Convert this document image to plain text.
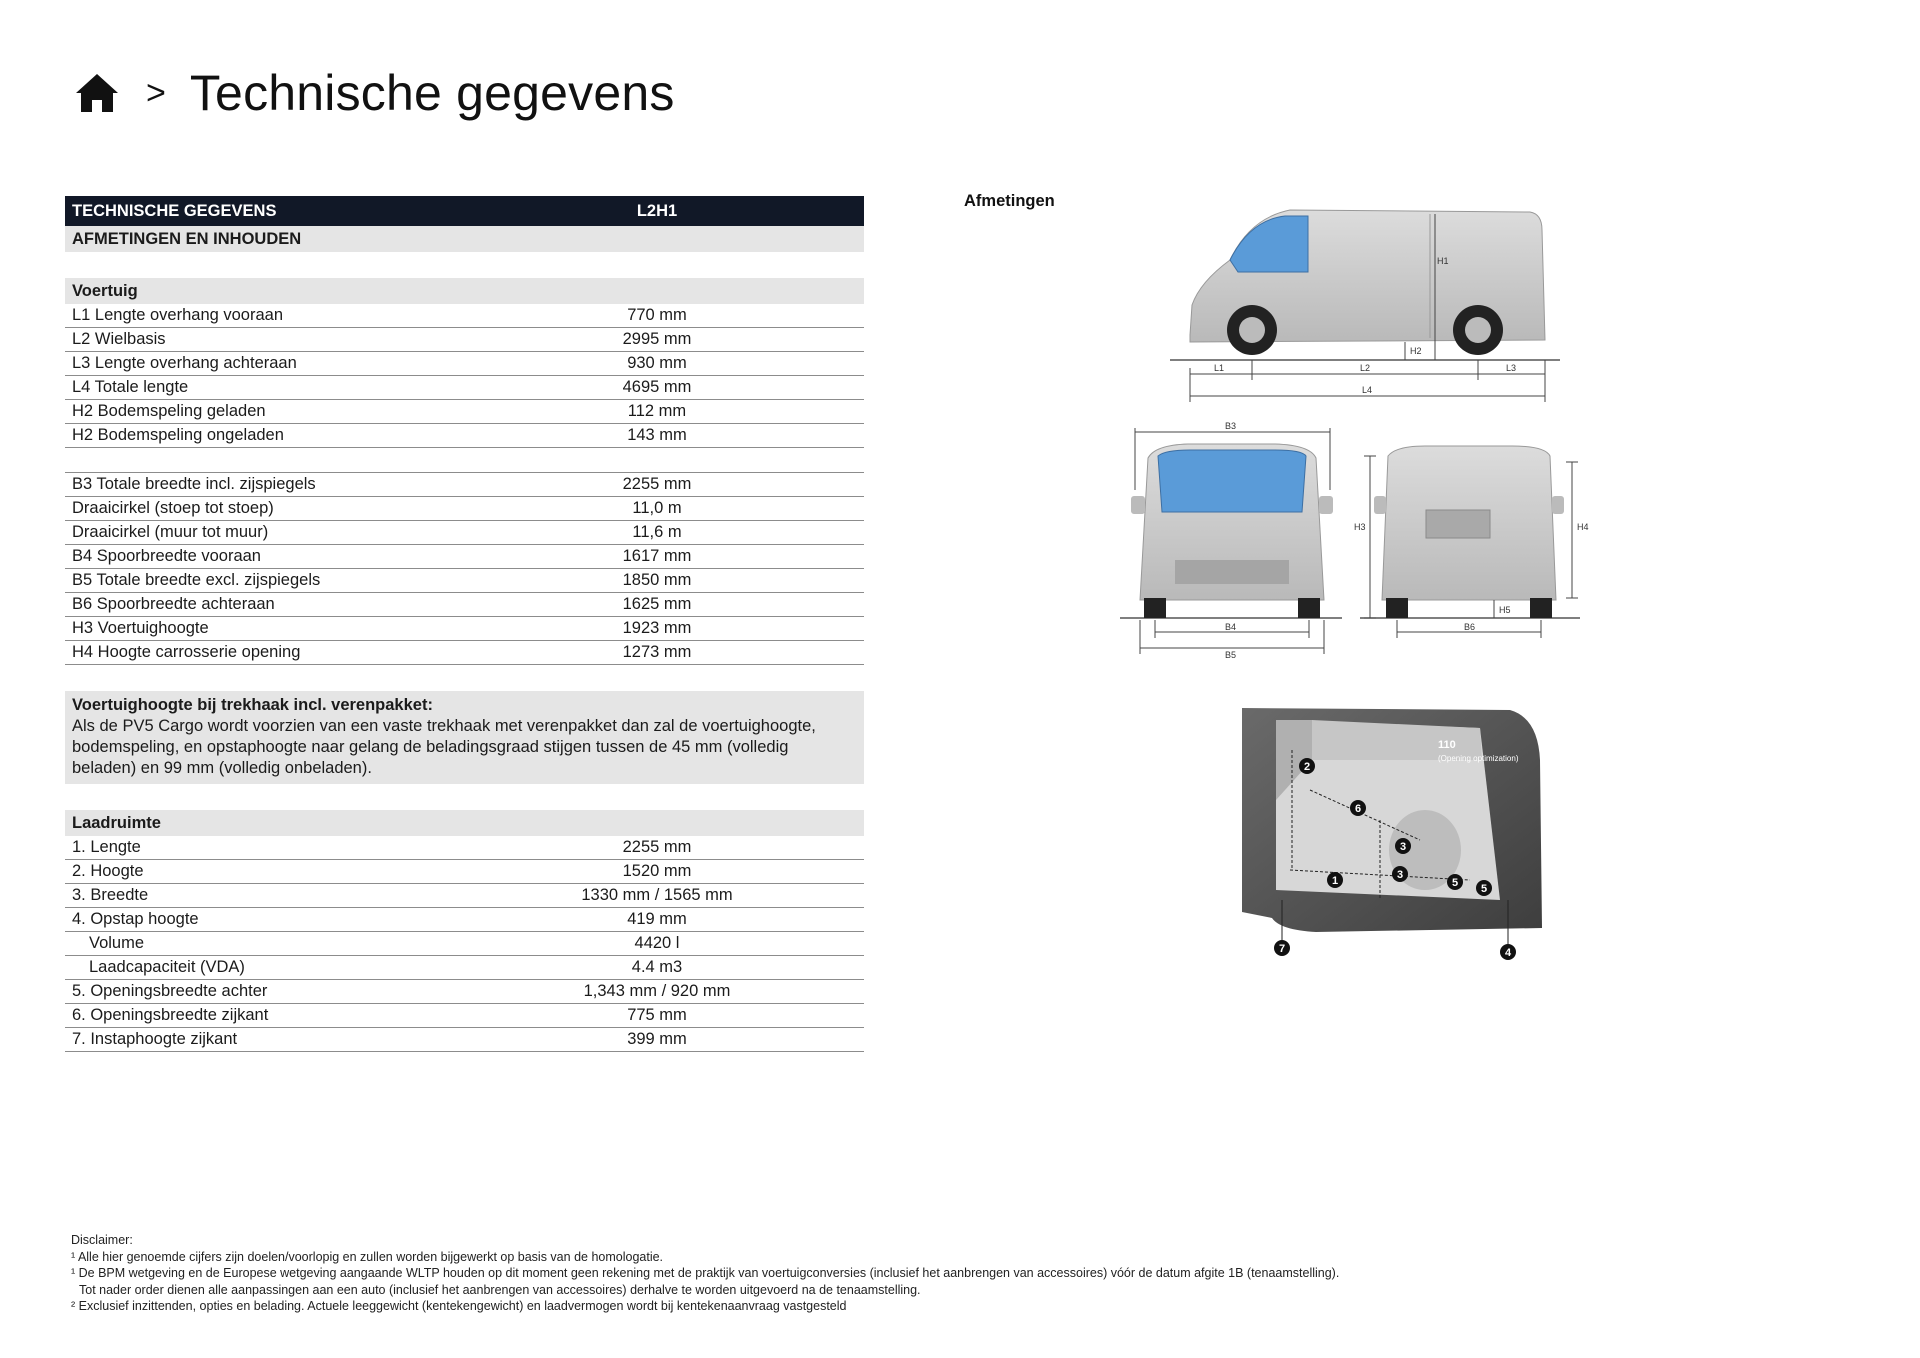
> Technische gegevens
TECHNISCHE GEGEVENS	L2H1
AFMETINGEN EN INHOUDEN	

Voertuig	
L1 Lengte overhang vooraan	770 mm
L2 Wielbasis	2995 mm
L3 Lengte overhang achteraan	930 mm
L4 Totale lengte	4695 mm
H2 Bodemspeling geladen	112 mm
H2 Bodemspeling ongeladen	143 mm

B3 Totale breedte incl. zijspiegels	2255 mm
Draaicirkel (stoep tot stoep)	11,0 m
Draaicirkel (muur tot muur)	11,6 m
B4 Spoorbreedte vooraan	1617 mm
B5 Totale breedte excl. zijspiegels	1850 mm
B6 Spoorbreedte achteraan	1625 mm
H3 Voertuighoogte	1923 mm
H4 Hoogte carrosserie opening	1273 mm

Voertuighoogte bij trekhaak incl. verenpakket:
Als de PV5 Cargo wordt voorzien van een vaste trekhaak met verenpakket dan zal de voertuighoogte, bodemspeling, en opstaphoogte naar gelang de beladingsgraad stijgen tussen de 45 mm (volledig beladen) en 99 mm (volledig onbeladen).	

Laadruimte	
1. Lengte	2255 mm
2. Hoogte	1520 mm
3. Breedte	1330 mm / 1565 mm
4. Opstap hoogte	419 mm
Volume	4420 l
Laadcapaciteit (VDA)	4.4 m3
5. Openingsbreedte achter	1,343 mm / 920 mm
6. Openingsbreedte zijkant	775 mm
7. Instaphoogte zijkant	399 mm
Afmetingen
H1
H2
L1	L2	L3
L4
B3
B4
B5
H3	H4
H5
B6
1
2
3
3
4
5 5
6
7
110
(Opening optimization)
Disclaimer:
¹ Alle hier genoemde cijfers zijn doelen/voorlopig en zullen worden bijgewerkt op basis van de homologatie.
¹ De BPM wetgeving en de Europese wetgeving aangaande WLTP houden op dit moment geen rekening met de praktijk van voertuigconversies (inclusief het aanbrengen van accessoires) vóór de datum afgite 1B (tenaamstelling).
Tot nader order dienen alle aanpassingen aan een auto (inclusief het aanbrengen van accessoires) derhalve te worden uitgevoerd na de tenaamstelling.
² Exclusief inzittenden, opties en belading. Actuele leeggewicht (kentekengewicht) en laadvermogen wordt bij kentekenaanvraag vastgesteld
